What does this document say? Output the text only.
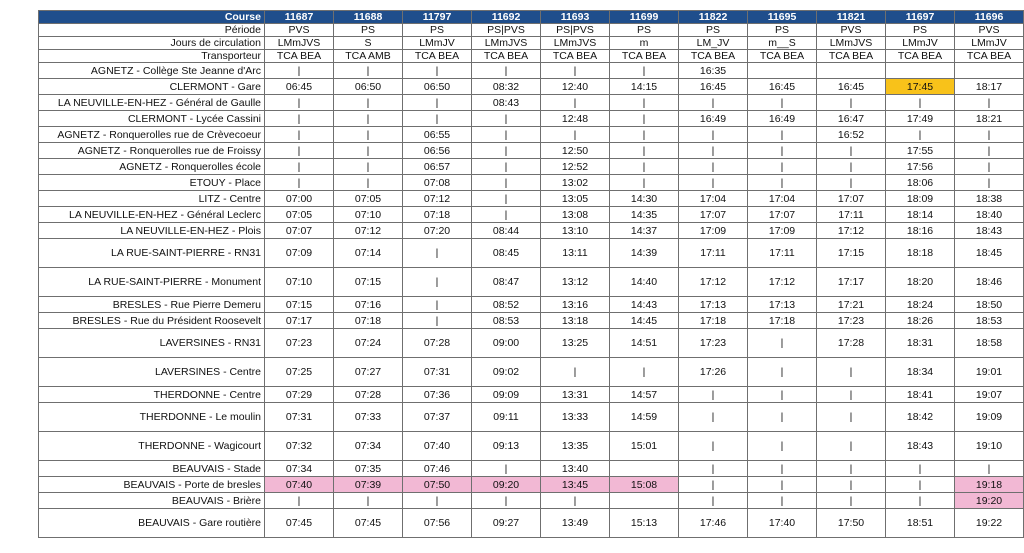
Course	11687	11688	11797	11692	11693	11699	11822	11695	11821	11697	11696
Période	PVS	PS	PS	PS|PVS	PS|PVS	PS	PS	PS	PVS	PS	PVS
Jours de circulation	LMmJVS	S	LMmJV	LMmJVS	LMmJVS	m	LM_JV	m__S	LMmJVS	LMmJV	LMmJV
Transporteur	TCA BEA	TCA AMB	TCA BEA	TCA BEA	TCA BEA	TCA BEA	TCA BEA	TCA BEA	TCA BEA	TCA BEA	TCA BEA
AGNETZ - Collège Ste Jeanne d'Arc	|	|	|	|	|	|	16:35				
CLERMONT - Gare	06:45	06:50	06:50	08:32	12:40	14:15	16:45	16:45	16:45	17:45	18:17
LA NEUVILLE-EN-HEZ - Général de Gaulle	|	|	|	08:43	|	|	|	|	|	|	|
CLERMONT - Lycée Cassini	|	|	|	|	12:48	|	16:49	16:49	16:47	17:49	18:21
AGNETZ - Ronquerolles rue de Crèvecoeur	|	|	06:55	|	|	|	|	|	16:52	|	|
AGNETZ - Ronquerolles rue de Froissy	|	|	06:56	|	12:50	|	|	|	|	17:55	|
AGNETZ - Ronquerolles école	|	|	06:57	|	12:52	|	|	|	|	17:56	|
ETOUY - Place	|	|	07:08	|	13:02	|	|	|	|	18:06	|
LITZ - Centre	07:00	07:05	07:12	|	13:05	14:30	17:04	17:04	17:07	18:09	18:38
LA NEUVILLE-EN-HEZ - Général Leclerc	07:05	07:10	07:18	|	13:08	14:35	17:07	17:07	17:11	18:14	18:40
LA NEUVILLE-EN-HEZ - Plois	07:07	07:12	07:20	08:44	13:10	14:37	17:09	17:09	17:12	18:16	18:43
LA RUE-SAINT-PIERRE - RN31	07:09	07:14	|	08:45	13:11	14:39	17:11	17:11	17:15	18:18	18:45
LA RUE-SAINT-PIERRE - Monument	07:10	07:15	|	08:47	13:12	14:40	17:12	17:12	17:17	18:20	18:46
BRESLES - Rue Pierre Demeru	07:15	07:16	|	08:52	13:16	14:43	17:13	17:13	17:21	18:24	18:50
BRESLES - Rue du Président Roosevelt	07:17	07:18	|	08:53	13:18	14:45	17:18	17:18	17:23	18:26	18:53
LAVERSINES - RN31	07:23	07:24	07:28	09:00	13:25	14:51	17:23	|	17:28	18:31	18:58
LAVERSINES - Centre	07:25	07:27	07:31	09:02	|	|	17:26	|	|	18:34	19:01
THERDONNE - Centre	07:29	07:28	07:36	09:09	13:31	14:57	|	|	|	18:41	19:07
THERDONNE - Le moulin	07:31	07:33	07:37	09:11	13:33	14:59	|	|	|	18:42	19:09
THERDONNE - Wagicourt	07:32	07:34	07:40	09:13	13:35	15:01	|	|	|	18:43	19:10
BEAUVAIS - Stade	07:34	07:35	07:46	|	13:40		|	|	|	|	|
BEAUVAIS - Porte de bresles	07:40	07:39	07:50	09:20	13:45	15:08	|	|	|	|	19:18
BEAUVAIS - Brière	|	|	|	|	|		|	|	|	|	19:20
BEAUVAIS - Gare routière	07:45	07:45	07:56	09:27	13:49	15:13	17:46	17:40	17:50	18:51	19:22
